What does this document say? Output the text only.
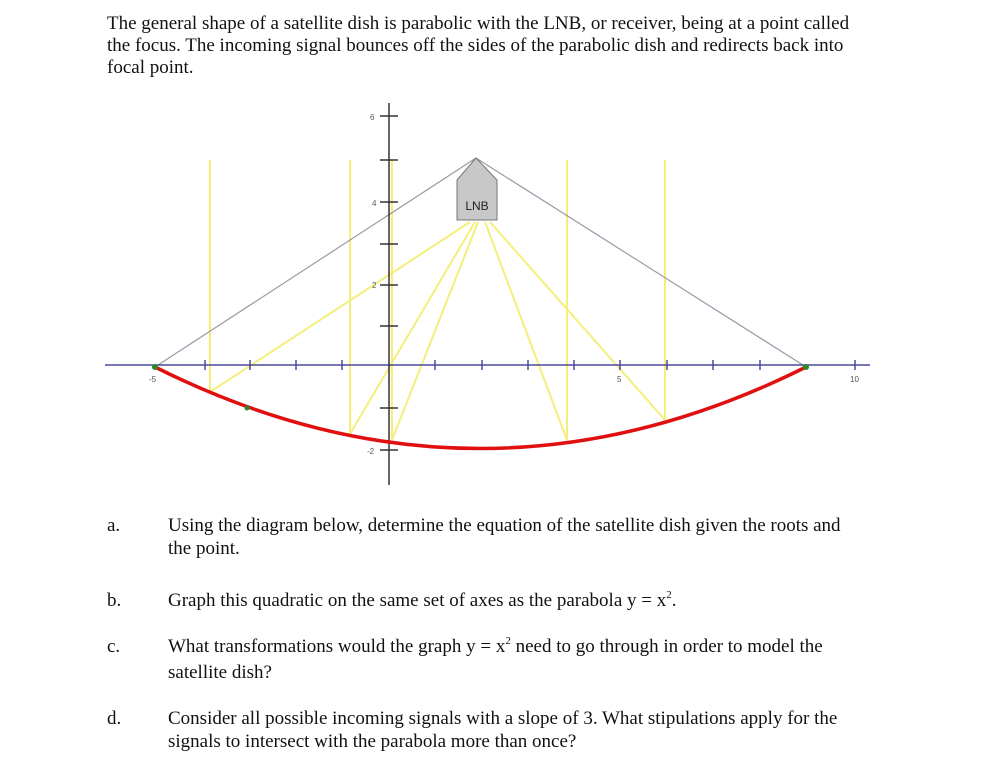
The general shape of a satellite dish is parabolic with the LNB, or receiver, being at a point called the focus. The incoming signal bounces off the sides of the parabolic dish and redirects back into focal point.
LNB
6
4
2
-2
-5	5	10
a.	Using the diagram below, determine the equation of the satellite dish given the roots and the point.
b. Graph this quadratic on the same set of axes as the parabola $y = x^2$.
c.	What transformations would the graph $y = x^2$ need to go through in order to model the satellite dish?
d. Consider all possible incoming signals with a slope of 3. What stipulations apply for the signals to intersect with the parabola more than once?
